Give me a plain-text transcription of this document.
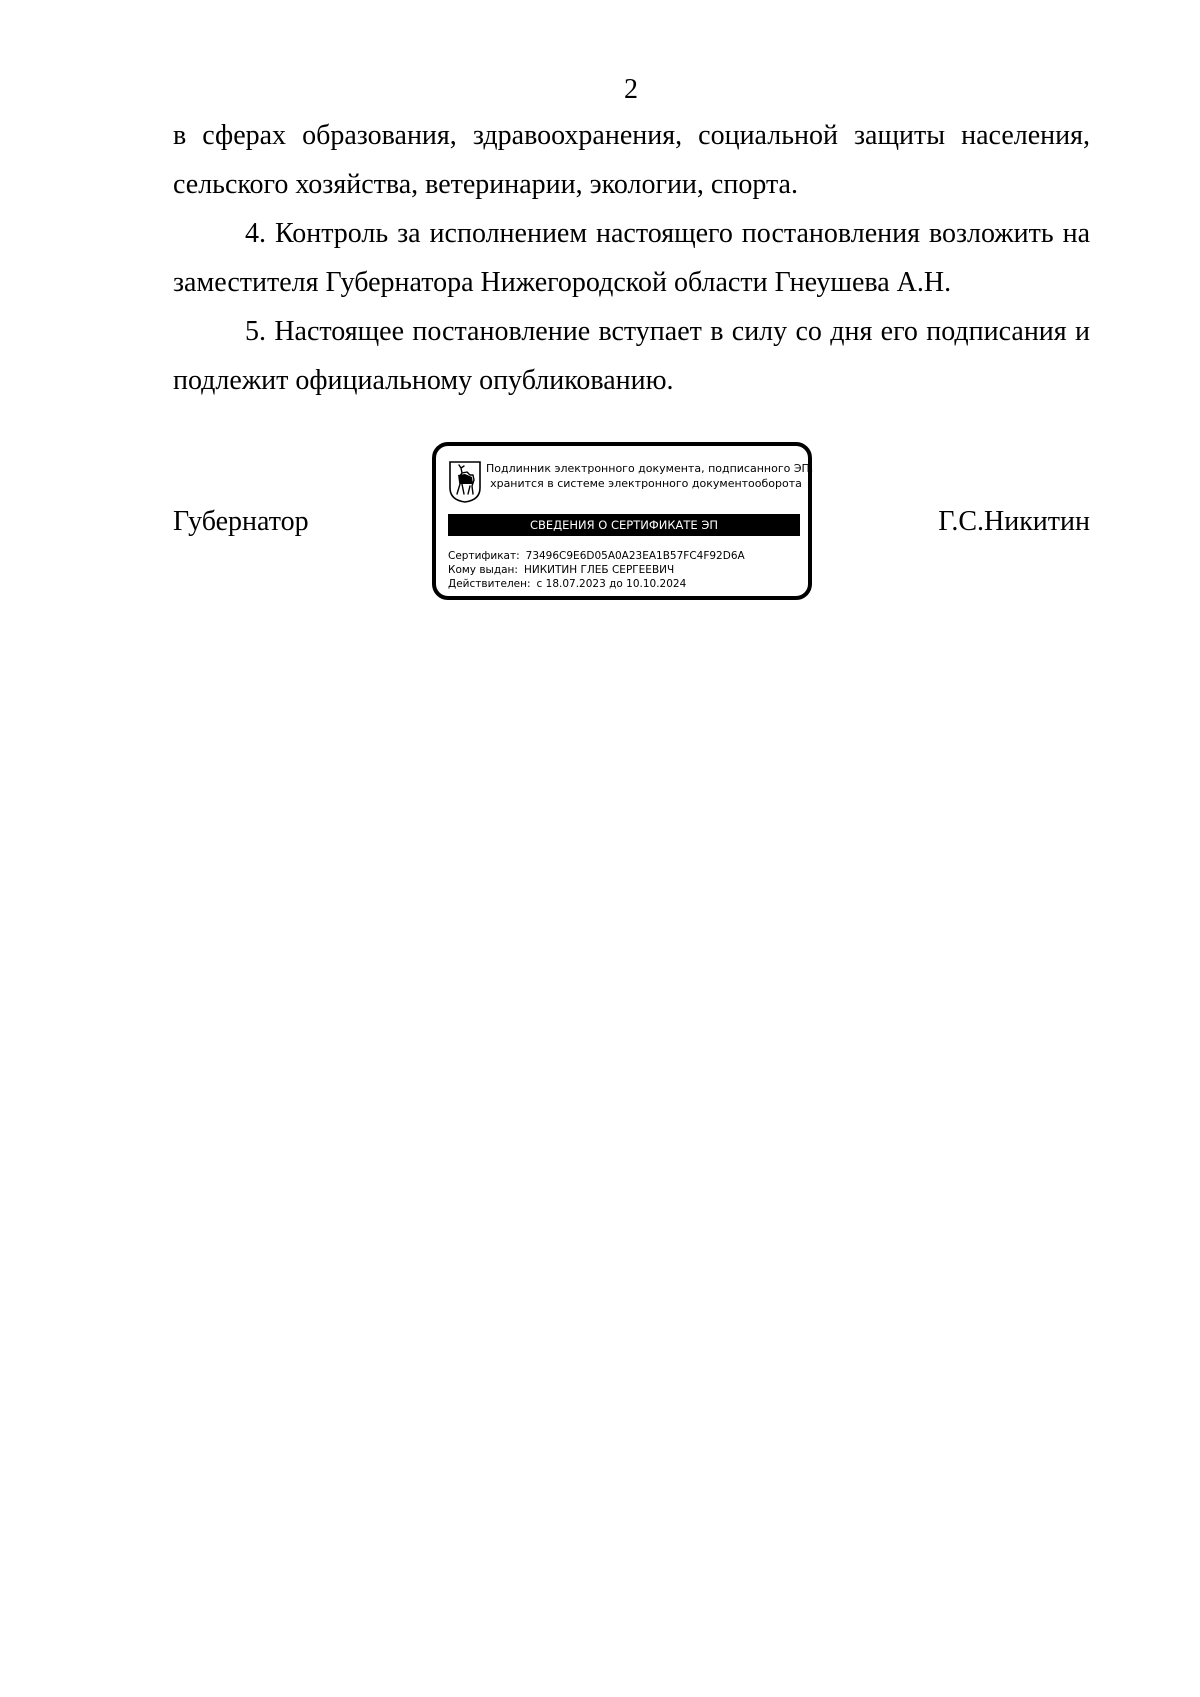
2

в сферах образования, здравоохранения, социальной защиты населения, сельского хозяйства, ветеринарии, экологии, спорта.

4. Контроль за исполнением настоящего постановления возложить на заместителя Губернатора Нижегородской области Гнеушева А.Н.

5. Настоящее постановление вступает в силу со дня его подписания и подлежит официальному опубликованию.

Губернатор	Г.С.Никитин
Подлинник электронного документа, подписанного ЭП,
хранится в системе электронного документооборота
СВЕДЕНИЯ О СЕРТИФИКАТЕ ЭП
Сертификат: 73496C9E6D05A0A23EA1B57FC4F92D6A
Кому выдан: НИКИТИН ГЛЕБ СЕРГЕЕВИЧ
Действителен: с 18.07.2023 до 10.10.2024
